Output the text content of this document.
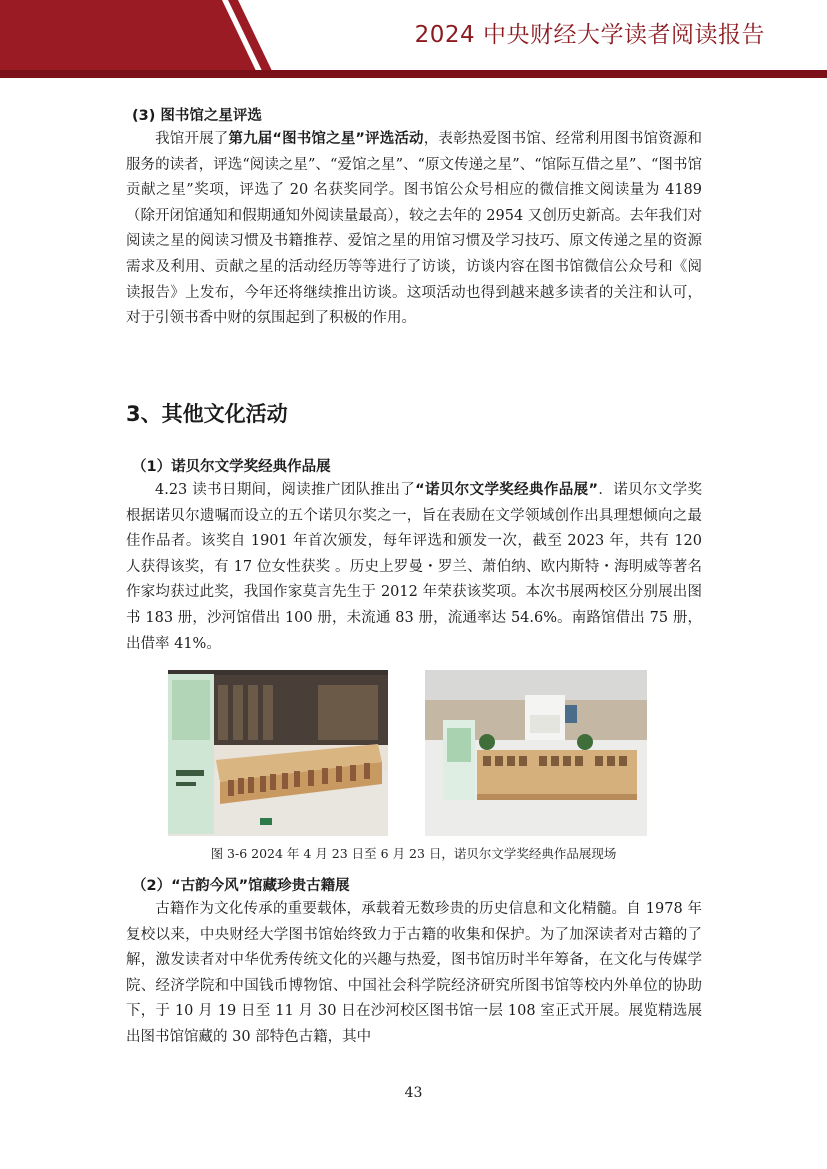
2024 中央财经大学读者阅读报告
(3) 图书馆之星评选
我馆开展了第九届“图书馆之星”评选活动，表彰热爱图书馆、经常利用图书馆资源和服务的读者，评选“阅读之星”、“爱馆之星”、“原文传递之星”、“馆际互借之星”、“图书馆贡献之星”奖项，评选了 20 名获奖同学。图书馆公众号相应的微信推文阅读量为 4189（除开闭馆通知和假期通知外阅读量最高），较之去年的 2954 又创历史新高。去年我们对阅读之星的阅读习惯及书籍推荐、爱馆之星的用馆习惯及学习技巧、原文传递之星的资源需求及利用、贡献之星的活动经历等等进行了访谈，访谈内容在图书馆微信公众号和《阅读报告》上发布，今年还将继续推出访谈。这项活动也得到越来越多读者的关注和认可，对于引领书香中财的氛围起到了积极的作用。
3、其他文化活动
（1）诺贝尔文学奖经典作品展
4.23 读书日期间，阅读推广团队推出了“诺贝尔文学奖经典作品展”．诺贝尔文学奖根据诺贝尔遗嘱而设立的五个诺贝尔奖之一，旨在表励在文学领域创作出具理想倾向之最佳作品者。该奖自 1901 年首次颁发，每年评选和颁发一次，截至 2023 年，共有 120 人获得该奖，有 17 位女性获奖 。历史上罗曼・罗兰、萧伯纳、欧内斯特・海明威等著名作家均获过此奖，我国作家莫言先生于 2012 年荣获该奖项。本次书展两校区分别展出图书 183 册，沙河馆借出 100 册，未流通 83 册，流通率达 54.6%。南路馆借出 75 册，出借率 41%。
图 3-6 2024 年 4 月 23 日至 6 月 23 日，诺贝尔文学奖经典作品展现场
（2）“古韵今风”馆藏珍贵古籍展
古籍作为文化传承的重要载体，承载着无数珍贵的历史信息和文化精髓。自 1978 年复校以来，中央财经大学图书馆始终致力于古籍的收集和保护。为了加深读者对古籍的了解，激发读者对中华优秀传统文化的兴趣与热爱，图书馆历时半年筹备，在文化与传媒学院、经济学院和中国钱币博物馆、中国社会科学院经济研究所图书馆等校内外单位的协助下，于 10 月 19 日至 11 月 30 日在沙河校区图书馆一层 108 室正式开展。展览精选展出图书馆馆藏的 30 部特色古籍，其中
43
